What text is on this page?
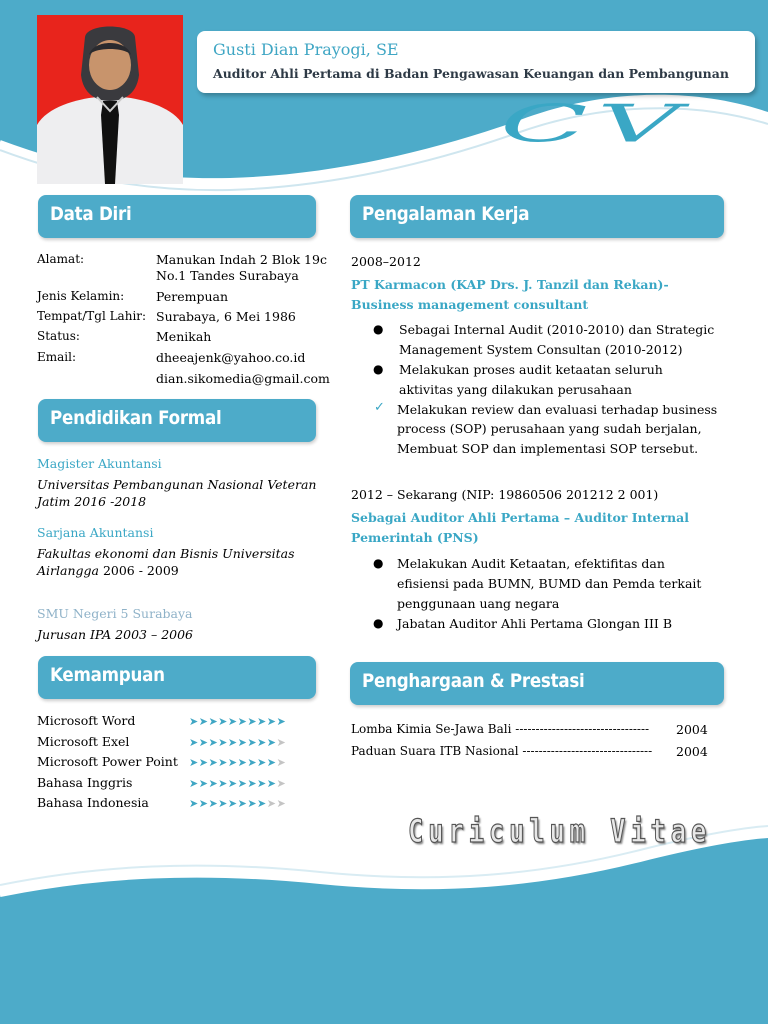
Gusti Dian Prayogi, SE
Auditor Ahli Pertama di Badan Pengawasan Keuangan dan Pembangunan
CV
Data Diri
Pendidikan Formal
Kemampuan
Pengalaman Kerja
Penghargaan & Prestasi
Alamat:	Manukan Indah 2 Blok 19c
No.1 Tandes Surabaya
Jenis Kelamin:	Perempuan
Tempat/Tgl Lahir: Surabaya, 6 Mei 1986
Status:	Menikah
Email:	dheeajenk@yahoo.co.id
dian.sikomedia@gmail.com
Magister Akuntansi
Universitas Pembangunan Nasional Veteran
Jatim 2016 -2018
Sarjana Akuntansi
Fakultas ekonomi dan Bisnis Universitas
Airlangga 2006 - 2009
SMU Negeri 5 Surabaya
Jurusan IPA 2003 – 2006
Microsoft Word	➤➤➤➤➤➤➤➤➤➤
Microsoft Exel	➤➤➤➤➤➤➤➤➤➤
Microsoft Power Point ➤➤➤➤➤➤➤➤➤➤
Bahasa Inggris	➤➤➤➤➤➤➤➤➤➤
Bahasa Indonesia	➤➤➤➤➤➤➤➤➤➤
2008–2012
PT Karmacon (KAP Drs. J. Tanzil dan Rekan)-
Business management consultant
● Sebagai Internal Audit (2010-2010) dan Strategic
Management System Consultan (2010-2012)
● Melakukan proses audit ketaatan seluruh
aktivitas yang dilakukan perusahaan
✓ Melakukan review dan evaluasi terhadap business
process (SOP) perusahaan yang sudah berjalan,
Membuat SOP dan implementasi SOP tersebut.
2012 – Sekarang (NIP: 19860506 201212 2 001)
Sebagai Auditor Ahli Pertama – Auditor Internal
Pemerintah (PNS)
● Melakukan Audit Ketaatan, efektifitas dan
efisiensi pada BUMN, BUMD dan Pemda terkait
penggunaan uang negara
● Jabatan Auditor Ahli Pertama Glongan III B
Lomba Kimia Se-Jawa Bali --------------------------------- 2004
Paduan Suara ITB Nasional -------------------------------- 2004
Curiculum Vitae
